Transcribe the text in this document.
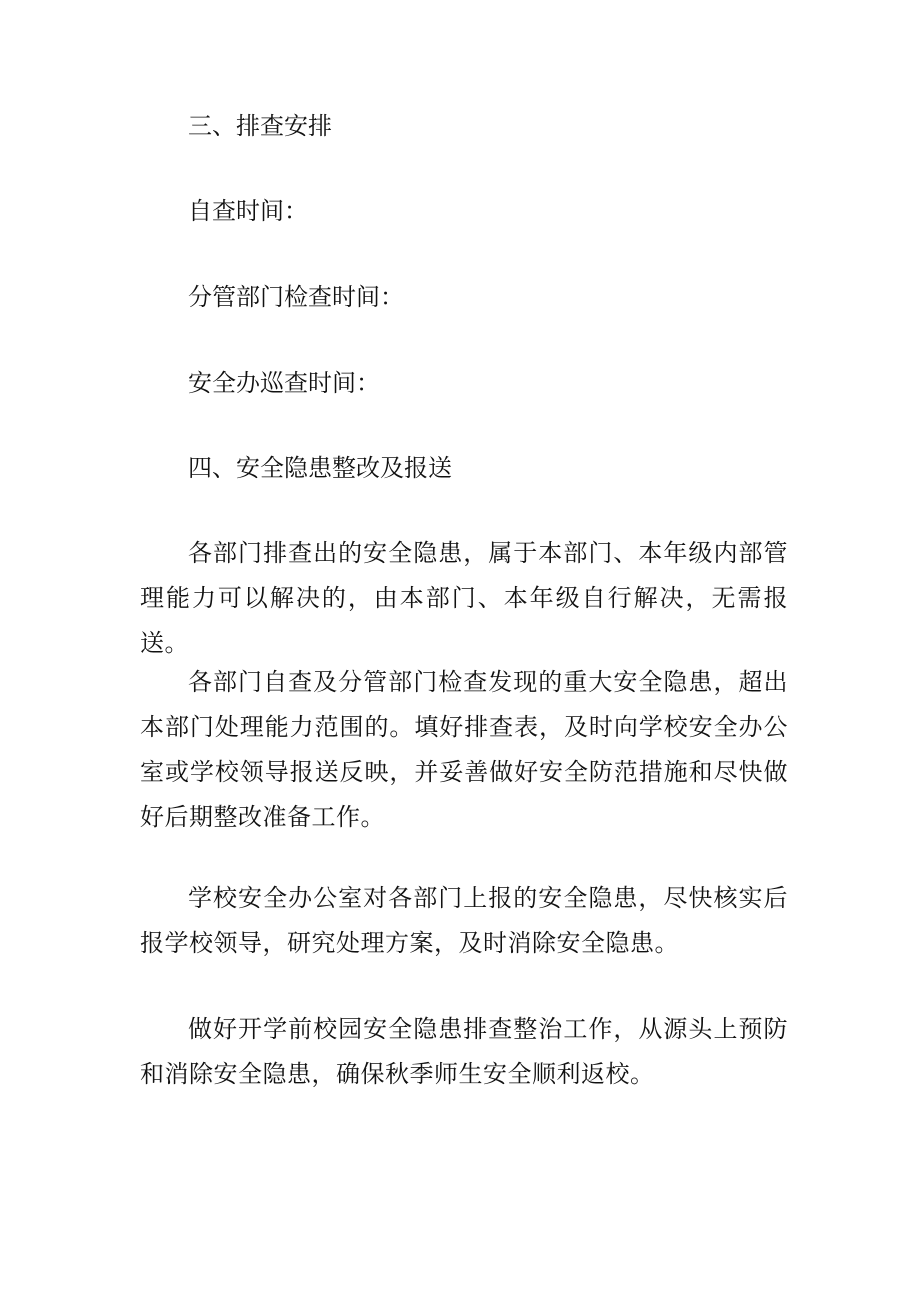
三、排查安排
自查时间：
分管部门检查时间：
安全办巡查时间：
四、安全隐患整改及报送
各部门排查出的安全隐患，属于本部门、本年级内部管理能力可以解决的，由本部门、本年级自行解决，无需报送。
各部门自查及分管部门检查发现的重大安全隐患，超出本部门处理能力范围的。填好排查表，及时向学校安全办公室或学校领导报送反映，并妥善做好安全防范措施和尽快做好后期整改准备工作。
学校安全办公室对各部门上报的安全隐患，尽快核实后报学校领导，研究处理方案，及时消除安全隐患。
做好开学前校园安全隐患排查整治工作，从源头上预防和消除安全隐患，确保秋季师生安全顺利返校。
